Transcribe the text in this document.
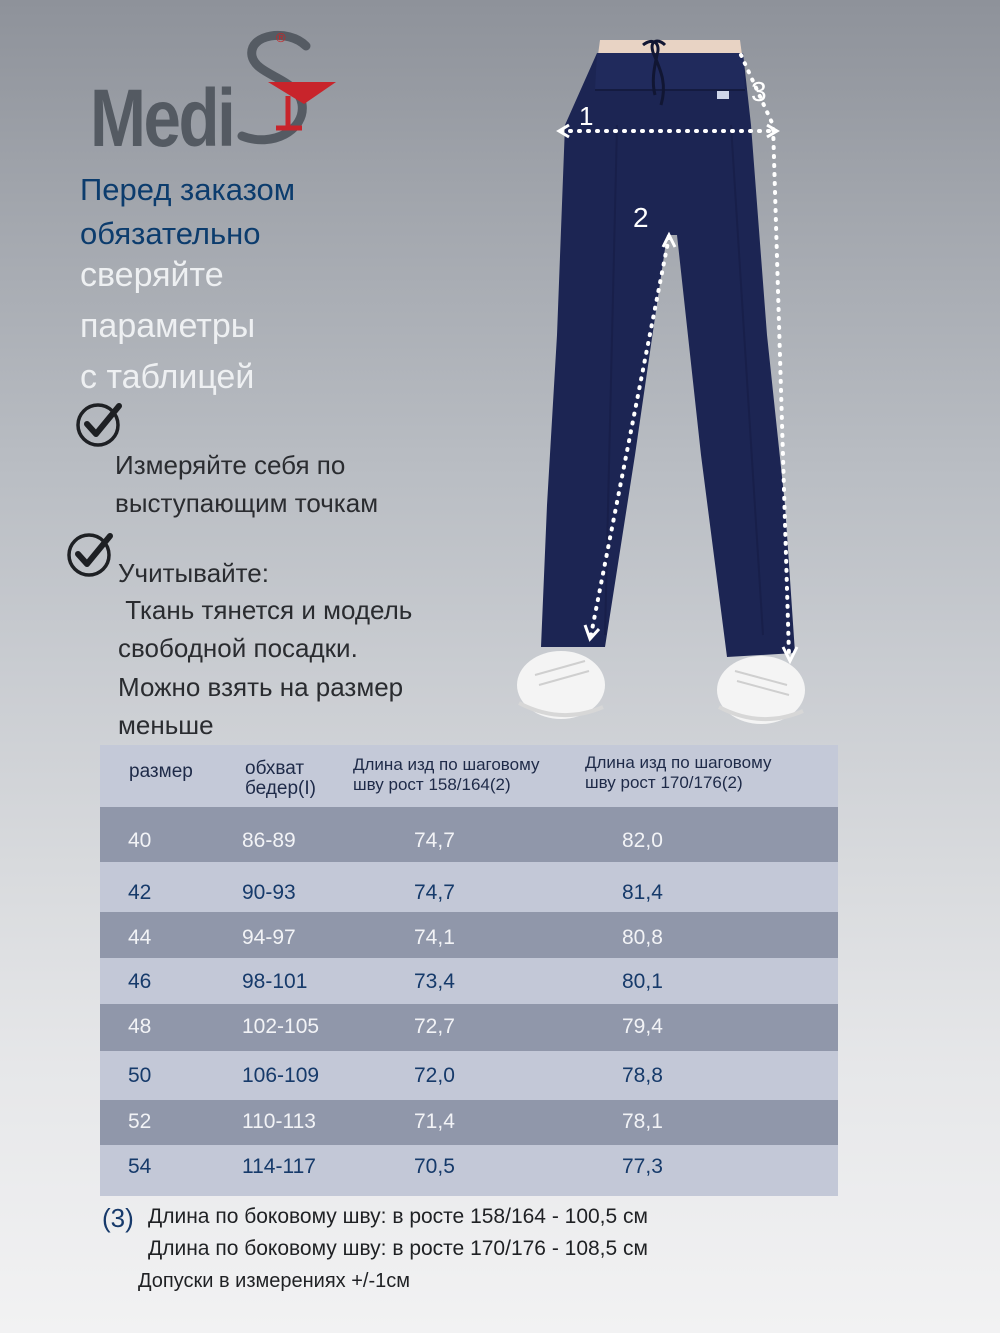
Medi
®
Перед заказом
обязательно
сверяйте
параметры
с таблицей
Измеряйте себя по
выступающим точкам
Учитывайте:
Ткань тянется и модель
свободной посадки.
Можно взять на размер
меньше
1
2
3
размер	обхват
бедер(I)
Длина изд по шаговому
шву рост 158/164(2)
Длина изд по шаговому
шву рост 170/176(2)
40	86-89	74,7	82,0
42	90-93	74,7	81,4
44	94-97	74,1	80,8
46	98-101	73,4	80,1
48	102-105	72,7	79,4
50	106-109	72,0	78,8
52	110-113	71,4	78,1
54	114-117	70,5	77,3
(3) Длина по боковому шву: в росте 158/164 - 100,5 см
Длина по боковому шву: в росте 170/176 - 108,5 см
Допуски в измерениях +/-1см
